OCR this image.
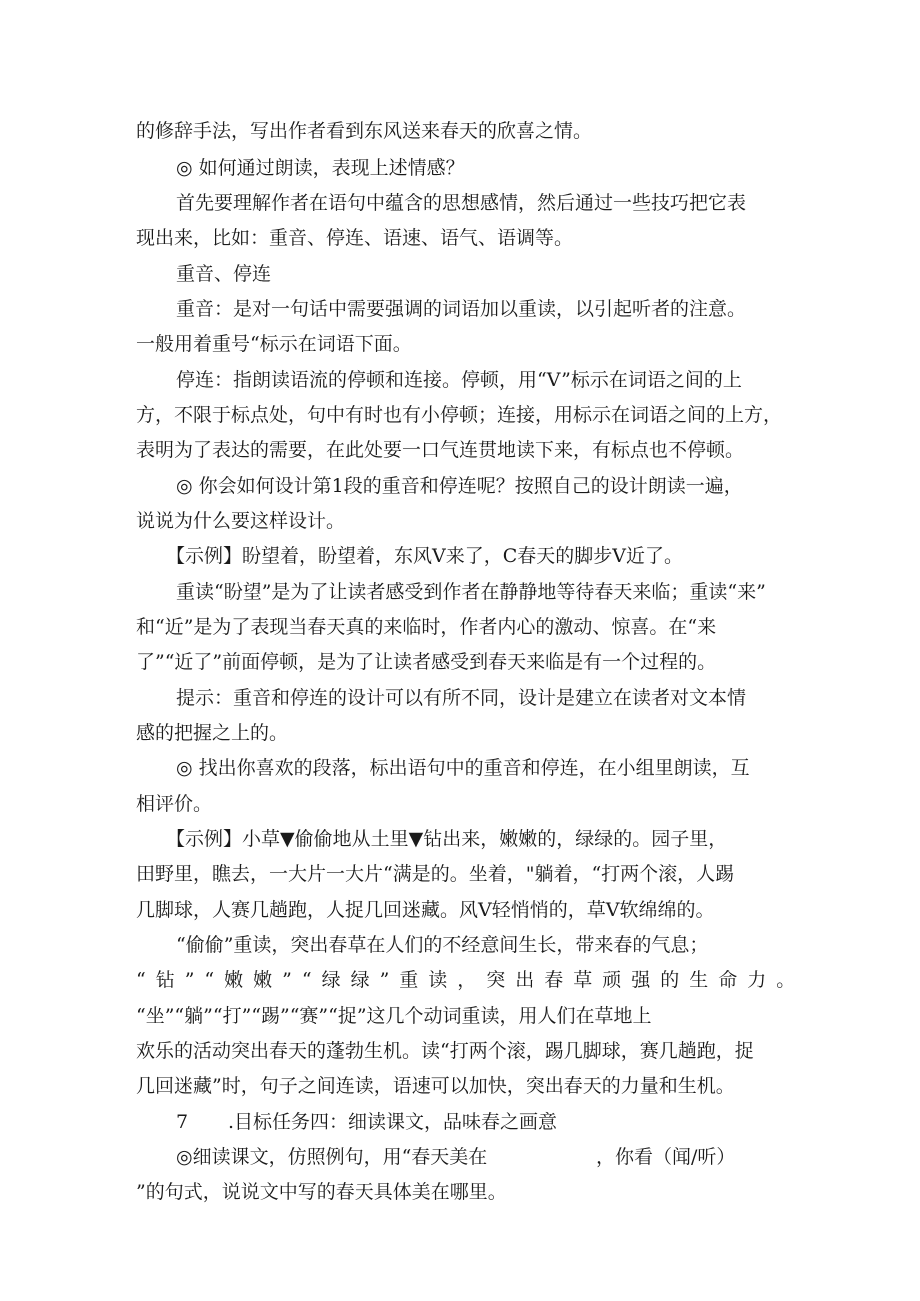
的修辞手法，写出作者看到东风送来春天的欣喜之情。
◎ 如何通过朗读，表现上述情感？
首先要理解作者在语句中蕴含的思想感情，然后通过一些技巧把它表
现出来，比如：重音、停连、语速、语气、语调等。
重音、停连
重音：是对一句话中需要强调的词语加以重读，以引起听者的注意。
一般用着重号“标示在词语下面。
停连：指朗读语流的停顿和连接。停顿，用“V”标示在词语之间的上
方，不限于标点处，句中有时也有小停顿；连接，用标示在词语之间的上方，
表明为了表达的需要，在此处要一口气连贯地读下来，有标点也不停顿。
◎ 你会如何设计第1段的重音和停连呢？按照自己的设计朗读一遍，
说说为什么要这样设计。
【示例】盼望着，盼望着，东风V来了，C春天的脚步V近了。
重读“盼望”是为了让读者感受到作者在静静地等待春天来临；重读“来”
和“近”是为了表现当春天真的来临时，作者内心的激动、惊喜。在“来
了”“近了”前面停顿，是为了让读者感受到春天来临是有一个过程的。
提示：重音和停连的设计可以有所不同，设计是建立在读者对文本情
感的把握之上的。
◎ 找出你喜欢的段落，标出语句中的重音和停连，在小组里朗读，互
相评价。
【示例】小草▼偷偷地从土里▼钻出来，嫩嫩的，绿绿的。园子里，
田野里，瞧去，一大片一大片“满是的。坐着，"躺着，“打两个滚，人踢
几脚球，人赛几趟跑，人捉几回迷藏。风V轻悄悄的，草V软绵绵的。
“偷偷”重读，突出春草在人们的不经意间生长，带来春的气息；
“钻”“嫩嫩”“绿绿”重读，突出春草顽强的生命力。
“坐”“躺”“打”“踢”“赛”“捉”这几个动词重读，用人们在草地上
欢乐的活动突出春天的蓬勃生机。读“打两个滚，踢几脚球，赛几趟跑，捉
几回迷藏”时，句子之间连读，语速可以加快，突出春天的力量和生机。
7 .目标任务四：细读课文，品味春之画意
◎细读课文，仿照例句，用“春天美在	，你看（闻/听）
”的句式，说说文中写的春天具体美在哪里。
